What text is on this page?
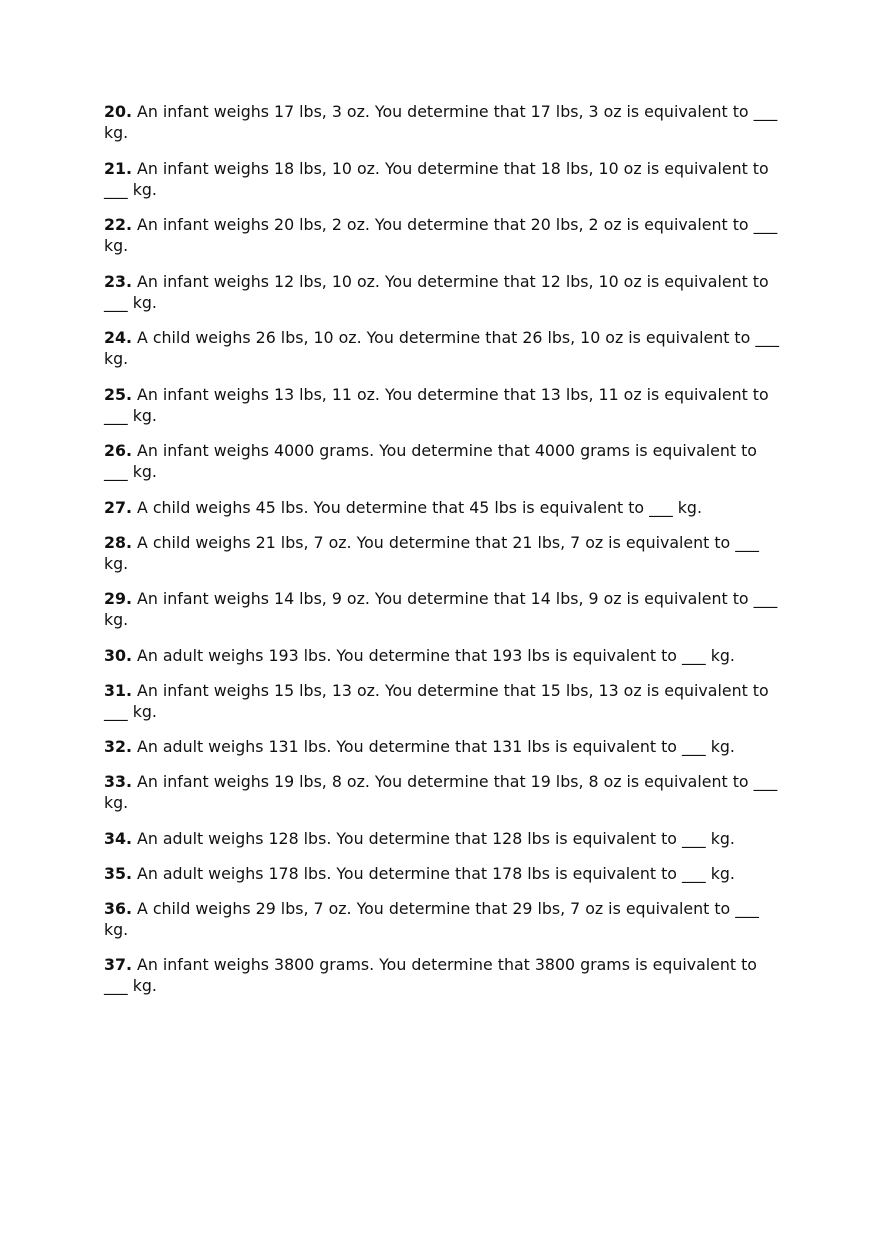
20. An infant weighs 17 lbs, 3 oz. You determine that 17 lbs, 3 oz is equivalent to ___ kg.
21. An infant weighs 18 lbs, 10 oz. You determine that 18 lbs, 10 oz is equivalent to ___ kg.
22. An infant weighs 20 lbs, 2 oz. You determine that 20 lbs, 2 oz is equivalent to ___ kg.
23. An infant weighs 12 lbs, 10 oz. You determine that 12 lbs, 10 oz is equivalent to ___ kg.
24. A child weighs 26 lbs, 10 oz. You determine that 26 lbs, 10 oz is equivalent to ___ kg.
25. An infant weighs 13 lbs, 11 oz. You determine that 13 lbs, 11 oz is equivalent to ___ kg.
26. An infant weighs 4000 grams. You determine that 4000 grams is equivalent to ___ kg.
27. A child weighs 45 lbs. You determine that 45 lbs is equivalent to ___ kg.
28. A child weighs 21 lbs, 7 oz. You determine that 21 lbs, 7 oz is equivalent to ___ kg.
29. An infant weighs 14 lbs, 9 oz. You determine that 14 lbs, 9 oz is equivalent to ___ kg.
30. An adult weighs 193 lbs. You determine that 193 lbs is equivalent to ___ kg.
31. An infant weighs 15 lbs, 13 oz. You determine that 15 lbs, 13 oz is equivalent to ___ kg.
32. An adult weighs 131 lbs. You determine that 131 lbs is equivalent to ___ kg.
33. An infant weighs 19 lbs, 8 oz. You determine that 19 lbs, 8 oz is equivalent to ___ kg.
34. An adult weighs 128 lbs. You determine that 128 lbs is equivalent to ___ kg.
35. An adult weighs 178 lbs. You determine that 178 lbs is equivalent to ___ kg.
36. A child weighs 29 lbs, 7 oz. You determine that 29 lbs, 7 oz is equivalent to ___ kg.
37. An infant weighs 3800 grams. You determine that 3800 grams is equivalent to ___ kg.
